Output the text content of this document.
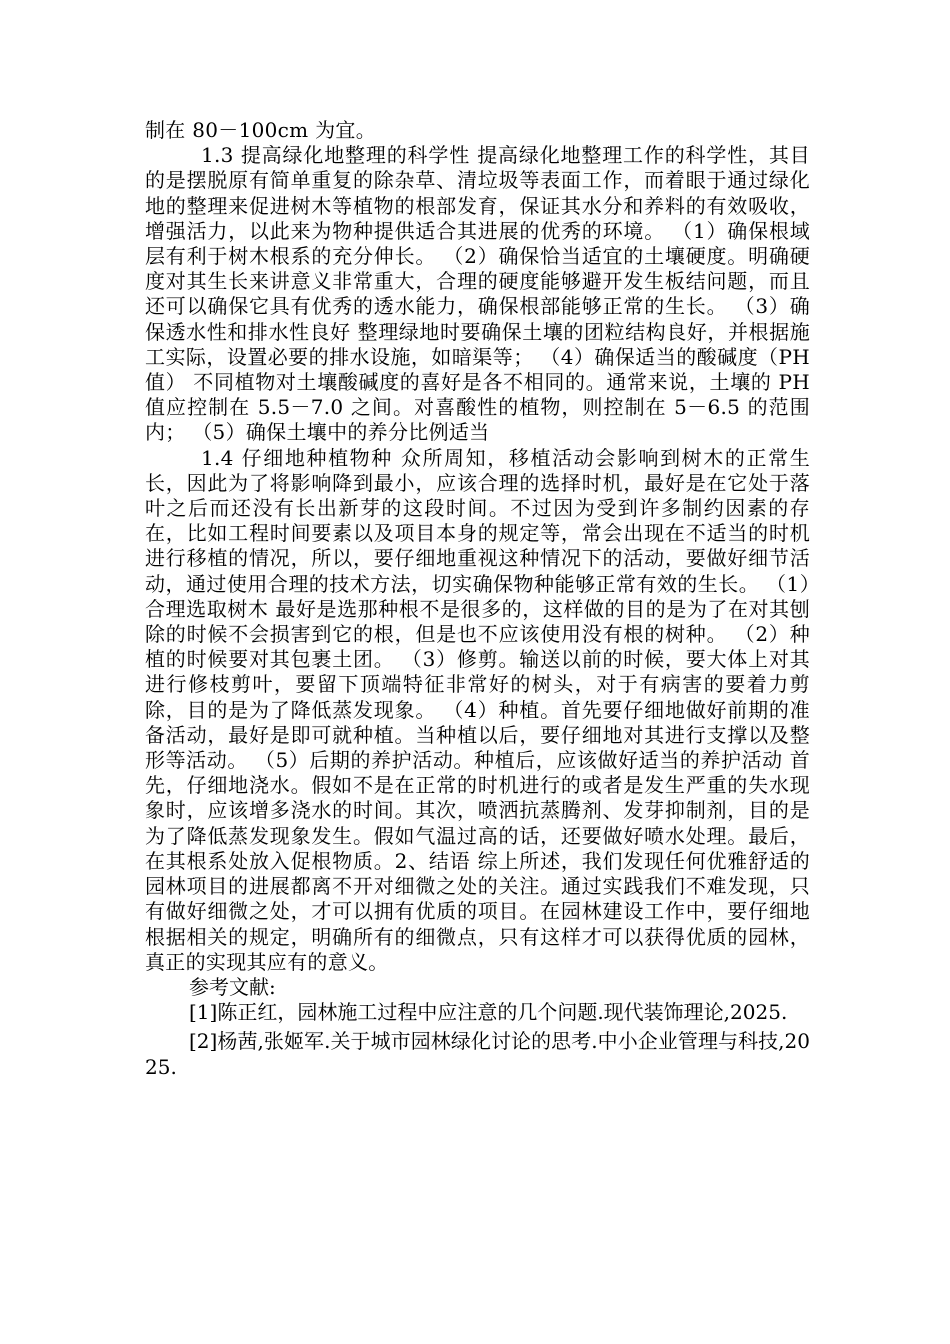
制在 80－100cm 为宜。

1.3 提高绿化地整理的科学性 提高绿化地整理工作的科学性，其目的是摆脱原有简单重复的除杂草、清垃圾等表面工作，而着眼于通过绿化地的整理来促进树木等植物的根部发育，保证其水分和养料的有效吸收，增强活力，以此来为物种提供适合其进展的优秀的环境。 （1）确保根域层有利于树木根系的充分伸长。 （2）确保恰当适宜的土壤硬度。明确硬度对其生长来讲意义非常重大，合理的硬度能够避开发生板结问题，而且还可以确保它具有优秀的透水能力，确保根部能够正常的生长。 （3）确保透水性和排水性良好 整理绿地时要确保土壤的团粒结构良好，并根据施工实际，设置必要的排水设施，如暗渠等； （4）确保适当的酸碱度（PH 值） 不同植物对土壤酸碱度的喜好是各不相同的。通常来说，土壤的 PH 值应控制在 5.5－7.0 之间。对喜酸性的植物，则控制在 5－6.5 的范围内； （5）确保土壤中的养分比例适当

1.4 仔细地种植物种 众所周知，移植活动会影响到树木的正常生长，因此为了将影响降到最小，应该合理的选择时机，最好是在它处于落叶之后而还没有长出新芽的这段时间。不过因为受到许多制约因素的存在，比如工程时间要素以及项目本身的规定等，常会出现在不适当的时机进行移植的情况，所以，要仔细地重视这种情况下的活动，要做好细节活动，通过使用合理的技术方法，切实确保物种能够正常有效的生长。 （1）合理选取树木 最好是选那种根不是很多的，这样做的目的是为了在对其刨除的时候不会损害到它的根，但是也不应该使用没有根的树种。 （2）种植的时候要对其包裹土团。 （3）修剪。输送以前的时候，要大体上对其进行修枝剪叶，要留下顶端特征非常好的树头，对于有病害的要着力剪除，目的是为了降低蒸发现象。 （4）种植。首先要仔细地做好前期的准备活动，最好是即可就种植。当种植以后，要仔细地对其进行支撑以及整形等活动。 （5）后期的养护活动。种植后，应该做好适当的养护活动 首先，仔细地浇水。假如不是在正常的时机进行的或者是发生严重的失水现象时，应该增多浇水的时间。其次，喷洒抗蒸腾剂、发芽抑制剂，目的是为了降低蒸发现象发生。假如气温过高的话，还要做好喷水处理。最后，在其根系处放入促根物质。2、结语 综上所述，我们发现任何优雅舒适的园林项目的进展都离不开对细微之处的关注。通过实践我们不难发现，只有做好细微之处，才可以拥有优质的项目。在园林建设工作中，要仔细地根据相关的规定，明确所有的细微点，只有这样才可以获得优质的园林，真正的实现其应有的意义。

参考文献:

[1]陈正红，园林施工过程中应注意的几个问题.现代装饰理论,2025.

[2]杨茜,张姬军.关于城市园林绿化讨论的思考.中小企业管理与科技,2025.
